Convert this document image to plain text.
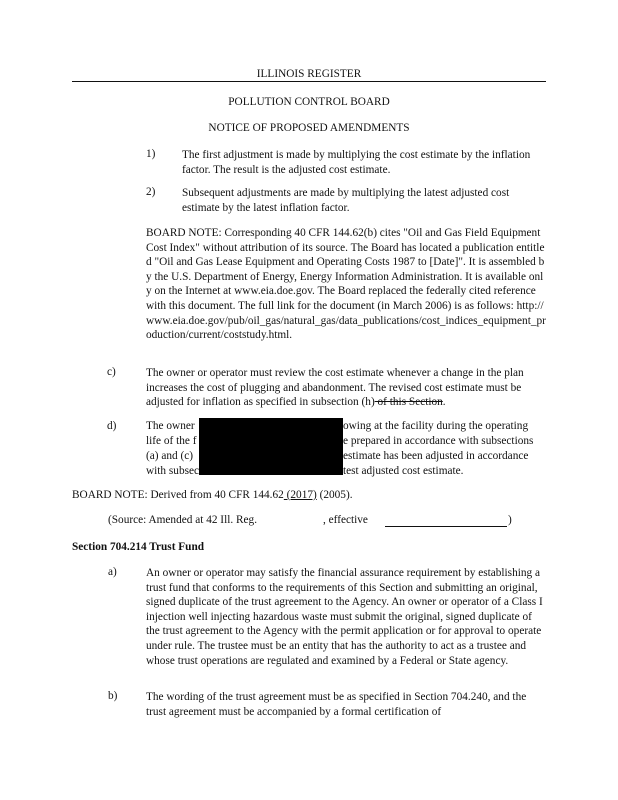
ILLINOIS REGISTER
POLLUTION CONTROL BOARD
NOTICE OF PROPOSED AMENDMENTS
1) The first adjustment is made by multiplying the cost estimate by the inflation factor. The result is the adjusted cost estimate.
2) Subsequent adjustments are made by multiplying the latest adjusted cost estimate by the latest inflation factor.
BOARD NOTE: Corresponding 40 CFR 144.62(b) cites "Oil and Gas Field Equipment Cost Index" without attribution of its source. The Board has located a publication entitled "Oil and Gas Lease Equipment and Operating Costs 1987 to [Date]". It is assembled by the U.S. Department of Energy, Energy Information Administration. It is available only on the Internet at www.eia.doe.gov. The Board replaced the federally cited reference with this document. The full link for the document (in March 2006) is as follows: http://www.eia.doe.gov/pub/oil_gas/natural_gas/data_publications/cost_indices_equipment_production/current/coststudy.html.
c)	The owner or operator must review the cost estimate whenever a change in the plan increases the cost of plugging and abandonment. The revised cost estimate must be adjusted for inflation as specified in subsection (h) of this Section.
d)	The owner	owing at the facility during the operating
life of the f	e prepared in accordance with subsections
(a) and (c)	estimate has been adjusted in accordance
with subsec	test adjusted cost estimate.
BOARD NOTE: Derived from 40 CFR 144.62 (2017) (2005).
(Source: Amended at 42 Ill. Reg.	, effective	)
Section 704.214 Trust Fund
a)	An owner or operator may satisfy the financial assurance requirement by establishing a trust fund that conforms to the requirements of this Section and submitting an original, signed duplicate of the trust agreement to the Agency. An owner or operator of a Class I injection well injecting hazardous waste must submit the original, signed duplicate of the trust agreement to the Agency with the permit application or for approval to operate under rule. The trustee must be an entity that has the authority to act as a trustee and whose trust operations are regulated and examined by a Federal or State agency.
b)	The wording of the trust agreement must be as specified in Section 704.240, and the trust agreement must be accompanied by a formal certification of
